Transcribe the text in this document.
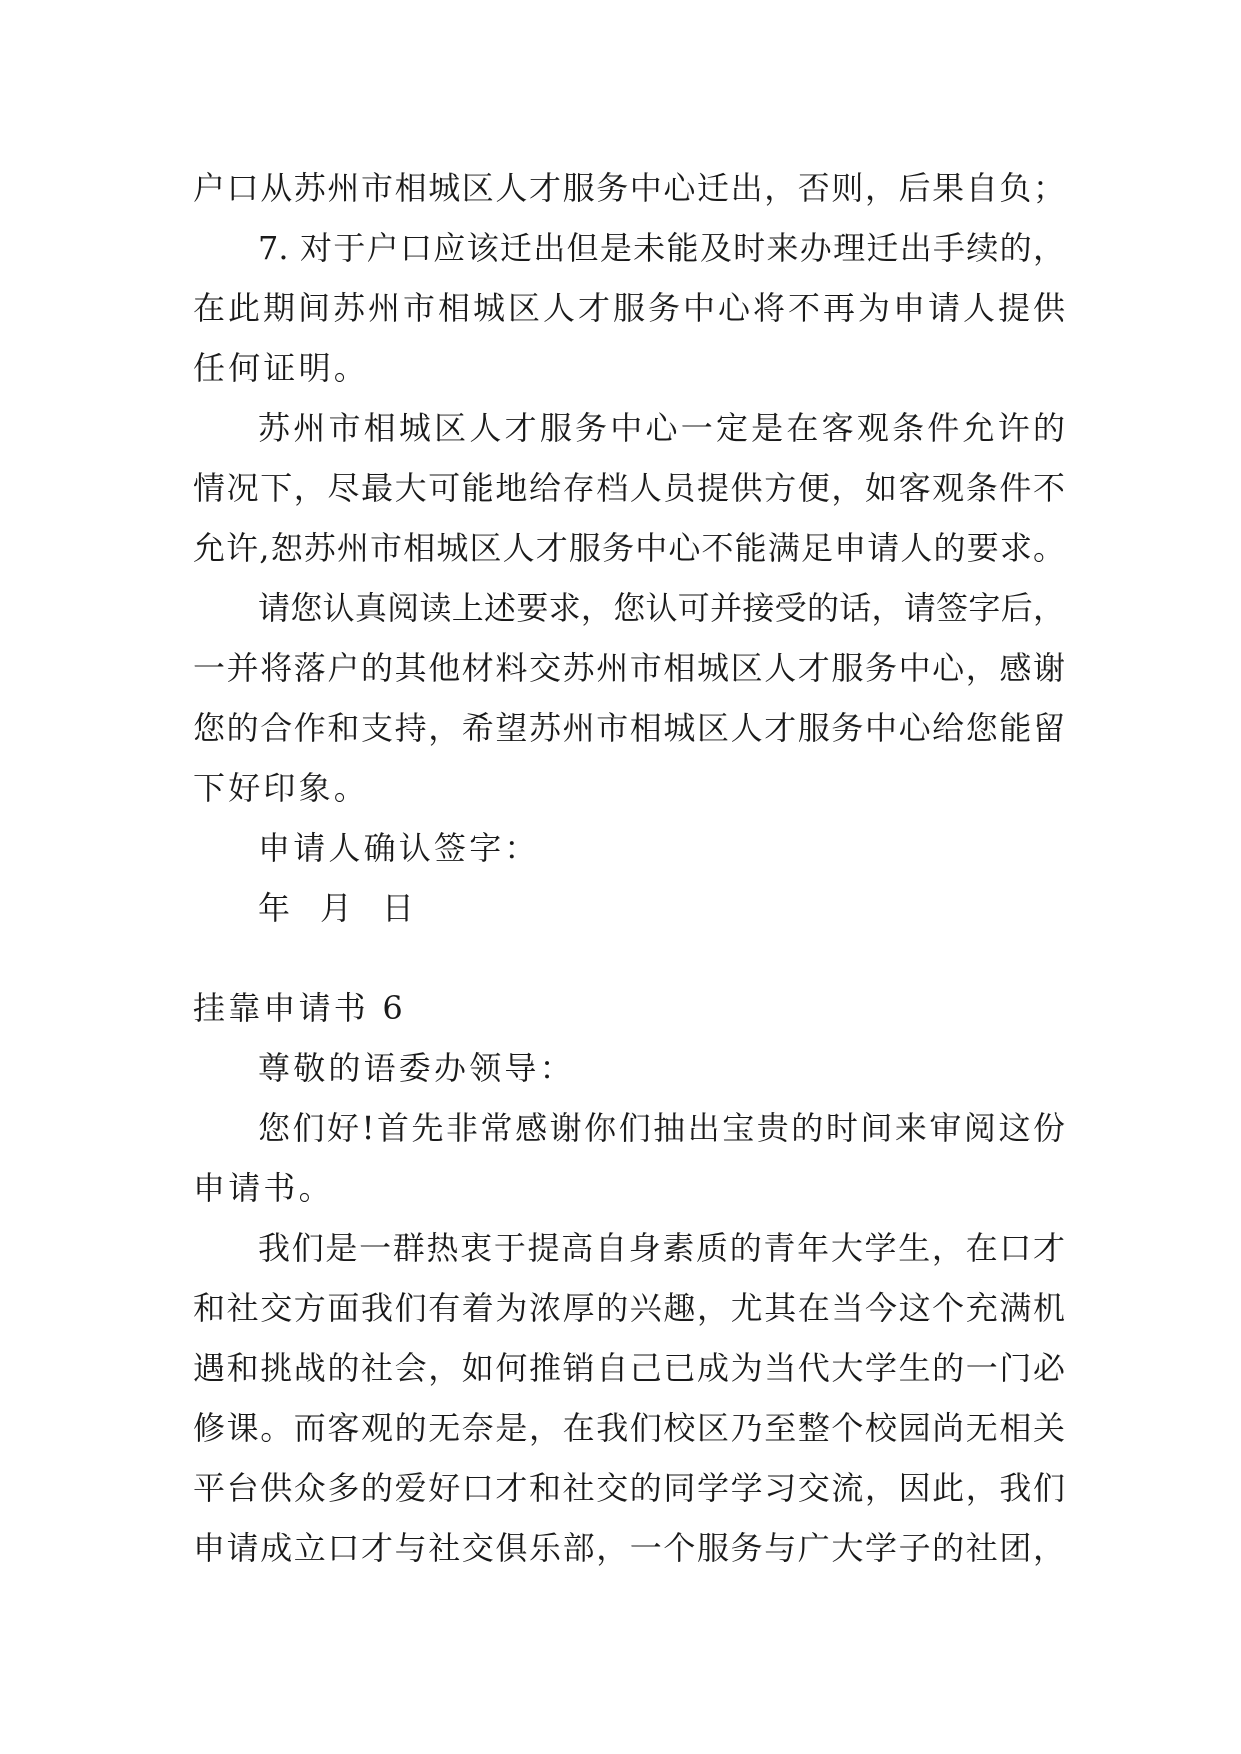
户口从苏州市相城区人才服务中心迁出，否则，后果自负；
7. 对于户口应该迁出但是未能及时来办理迁出手续的，
在此期间苏州市相城区人才服务中心将不再为申请人提供
任何证明。
苏州市相城区人才服务中心一定是在客观条件允许的
情况下，尽最大可能地给存档人员提供方便，如客观条件不
允许,恕苏州市相城区人才服务中心不能满足申请人的要求。
请您认真阅读上述要求，您认可并接受的话，请签字后，
一并将落户的其他材料交苏州市相城区人才服务中心，感谢
您的合作和支持，希望苏州市相城区人才服务中心给您能留
下好印象。
申请人确认签字：
年  月  日
挂靠申请书 6
尊敬的语委办领导：
您们好!首先非常感谢你们抽出宝贵的时间来审阅这份
申请书。
我们是一群热衷于提高自身素质的青年大学生，在口才
和社交方面我们有着为浓厚的兴趣，尤其在当今这个充满机
遇和挑战的社会，如何推销自己已成为当代大学生的一门必
修课。而客观的无奈是，在我们校区乃至整个校园尚无相关
平台供众多的爱好口才和社交的同学学习交流，因此，我们
申请成立口才与社交俱乐部，一个服务与广大学子的社团，
